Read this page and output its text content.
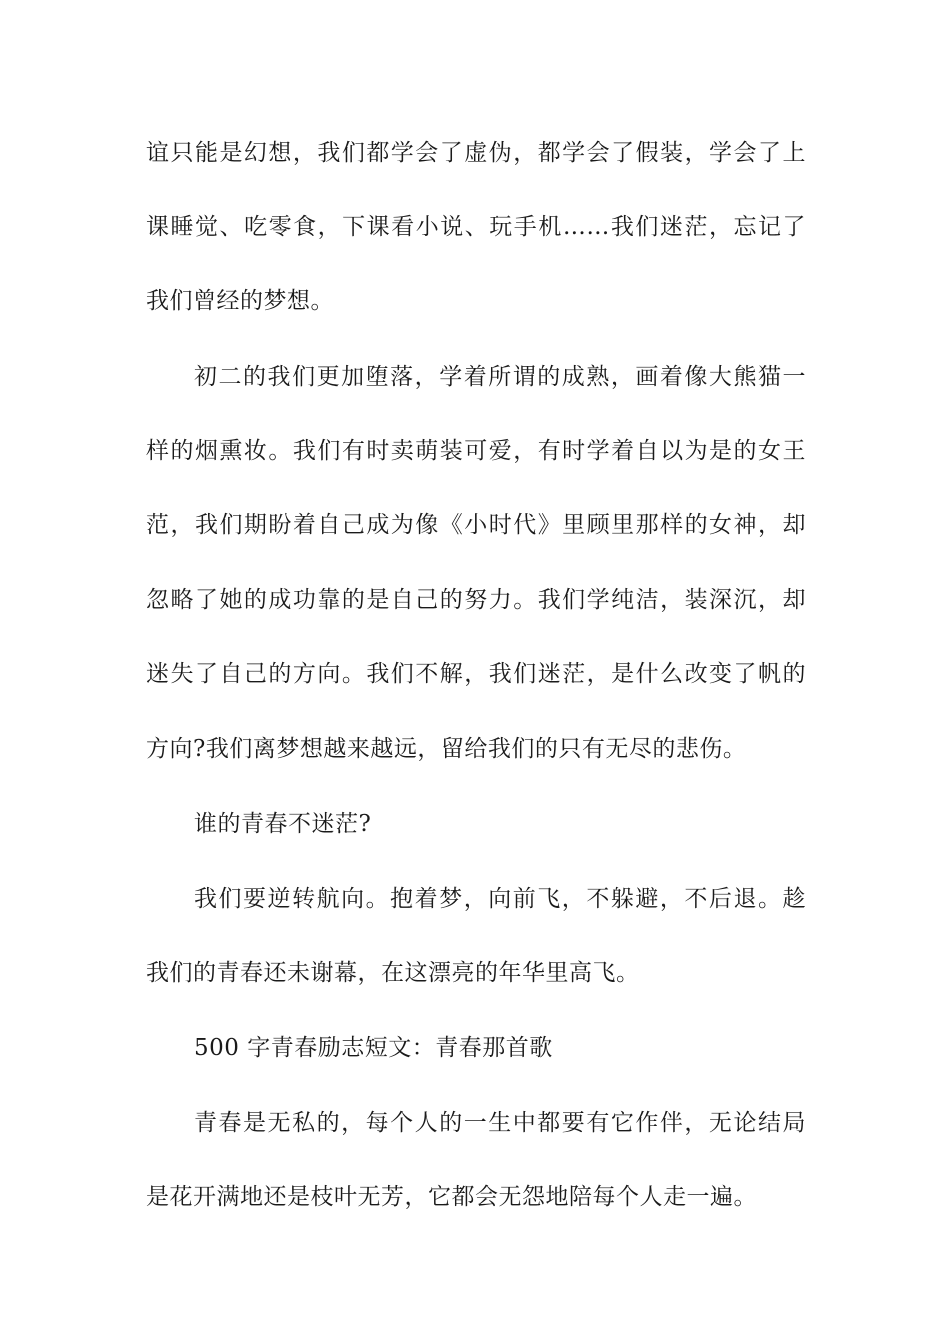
谊只能是幻想，我们都学会了虚伪，都学会了假装，学会了上
课睡觉、吃零食，下课看小说、玩手机……我们迷茫，忘记了
我们曾经的梦想。
初二的我们更加堕落，学着所谓的成熟，画着像大熊猫一
样的烟熏妆。我们有时卖萌装可爱，有时学着自以为是的女王
范，我们期盼着自己成为像《小时代》里顾里那样的女神，却
忽略了她的成功靠的是自己的努力。我们学纯洁，装深沉，却
迷失了自己的方向。我们不解，我们迷茫，是什么改变了帆的
方向?我们离梦想越来越远，留给我们的只有无尽的悲伤。
谁的青春不迷茫?
我们要逆转航向。抱着梦，向前飞，不躲避，不后退。趁
我们的青春还未谢幕，在这漂亮的年华里高飞。
500 字青春励志短文：青春那首歌
青春是无私的，每个人的一生中都要有它作伴，无论结局
是花开满地还是枝叶无芳，它都会无怨地陪每个人走一遍。
